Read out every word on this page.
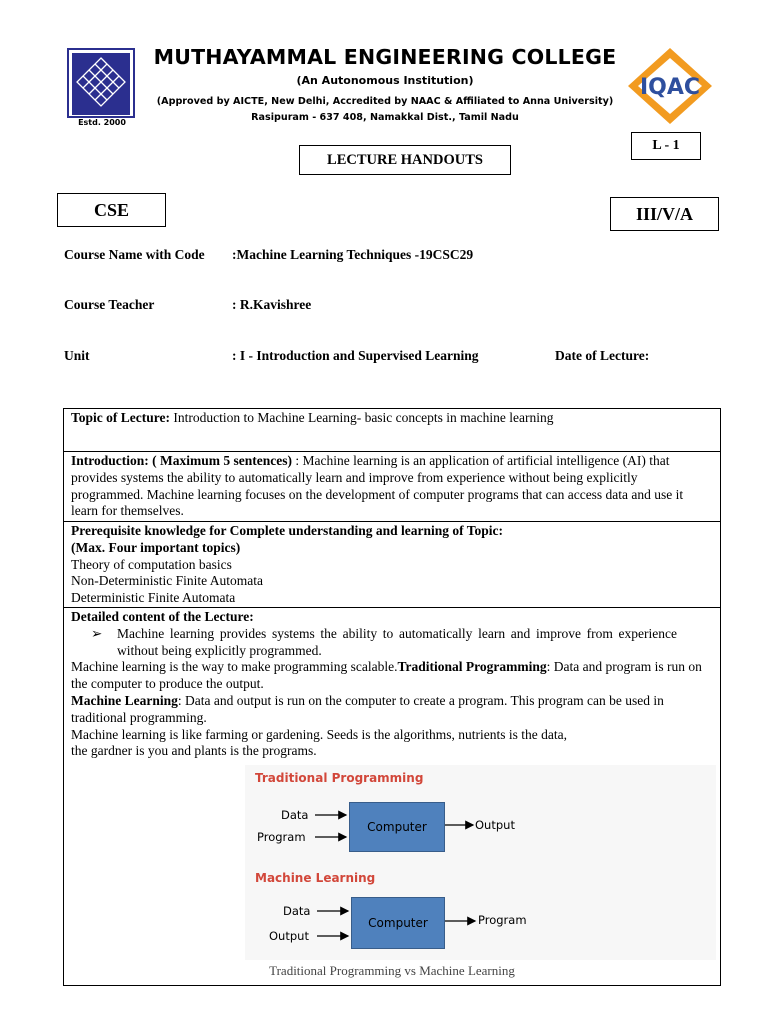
Estd. 2000
MUTHAYAMMAL ENGINEERING COLLEGE
(An Autonomous Institution)
(Approved by AICTE, New Delhi, Accredited by NAAC & Affiliated to Anna University)
Rasipuram - 637 408, Namakkal Dist., Tamil Nadu
IQAC
LECTURE HANDOUTS
L - 1
CSE	III/V/A
Course Name with Code :Machine Learning Techniques -19CSC29
Course Teacher	: R.Kavishree
Unit	: I - Introduction and Supervised Learning	Date of Lecture:
Topic of Lecture: Introduction to Machine Learning- basic concepts in machine learning
Introduction: ( Maximum 5 sentences) : Machine learning is an application of artificial intelligence (AI) that provides systems the ability to automatically learn and improve from experience without being explicitly programmed. Machine learning focuses on the development of computer programs that can access data and use it learn for themselves.
Prerequisite knowledge for Complete understanding and learning of Topic:
(Max. Four important topics)
Theory of computation basics
Non-Deterministic Finite Automata
Deterministic Finite Automata
Detailed content of the Lecture:
➢	Machine learning provides systems the ability to automatically learn and improve from experience without being explicitly programmed.
Machine learning is the way to make programming scalable.Traditional Programming: Data and program is run on the computer to produce the output.
Machine Learning: Data and output is run on the computer to create a program. This program can be used in traditional programming.
Machine learning is like farming or gardening. Seeds is the algorithms, nutrients is the data,
the gardner is you and plants is the programs.
Traditional Programming
Data
Program
Computer	Output
Machine Learning
Data
Output
Computer	Program
Traditional Programming vs Machine Learning
